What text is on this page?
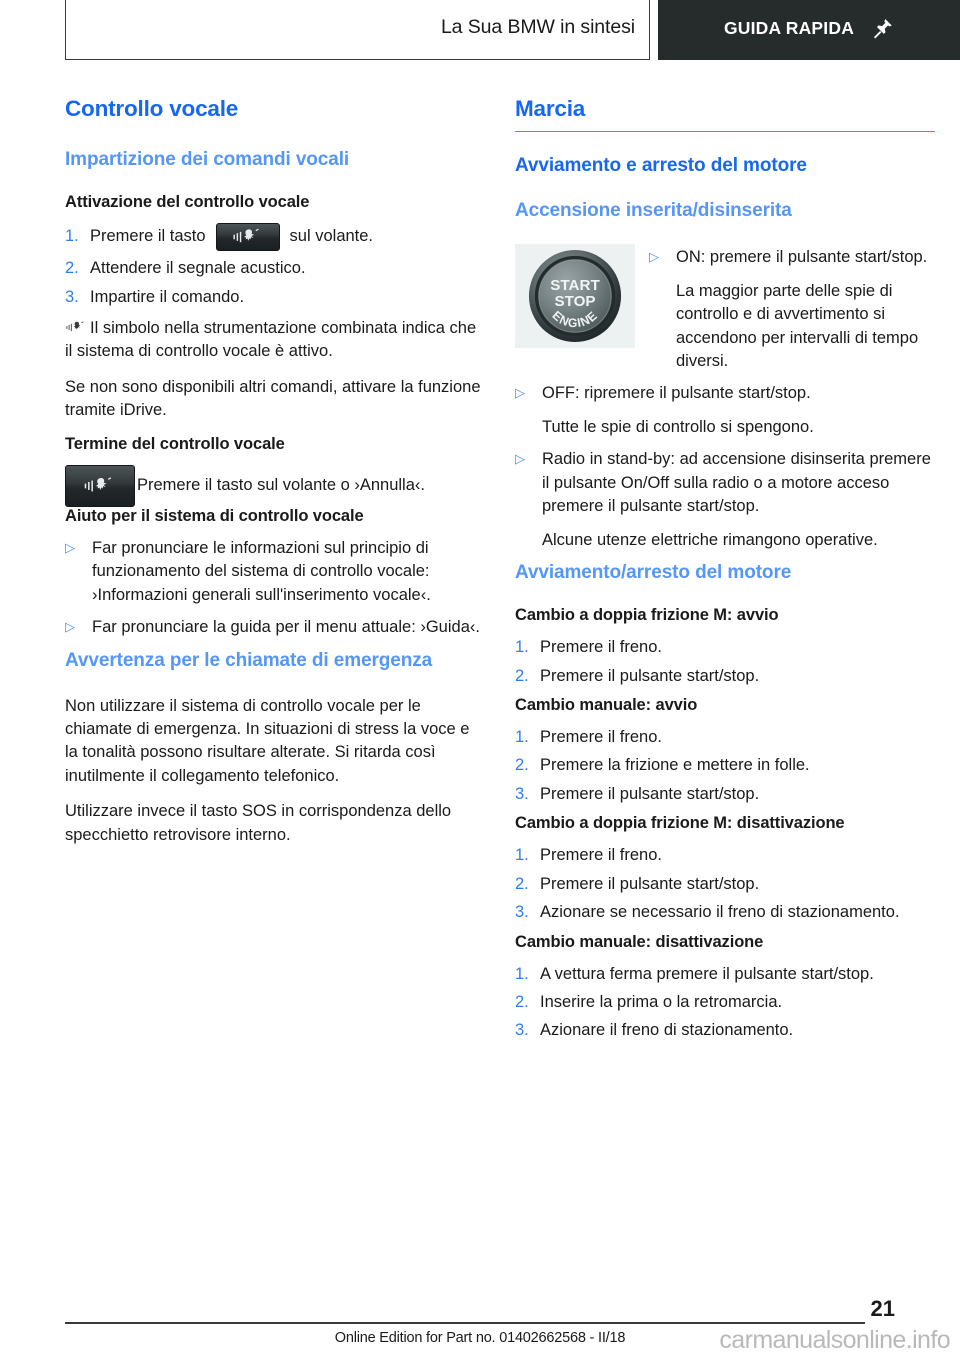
La Sua BMW in sintesi	GUIDA RAPIDA
Controllo vocale
Impartizione dei comandi vocali
Attivazione del controllo vocale
1. Premere il tasto	sul volante.
2. Attendere il segnale acustico.
3. Impartire il comando.

Il simbolo nella strumentazione combinata indica che il sistema di controllo vocale è attivo.

Se non sono disponibili altri comandi, attivare la funzione tramite iDrive.

Termine del controllo vocale
Premere il tasto sul volante o ›Annulla‹.
Aiuto per il sistema di controllo vocale
▷	Far pronunciare le informazioni sul principio di funzionamento del sistema di controllo vocale: ›Informazioni generali sull'inserimento vocale‹.
▷	Far pronunciare la guida per il menu attuale: ›Guida‹.
Avvertenza per le chiamate di emergenza

Non utilizzare il sistema di controllo vocale per le chiamate di emergenza. In situazioni di stress la voce e la tonalità possono risultare alterate. Si ritarda così inutilmente il collegamento telefonico.

Utilizzare invece il tasto SOS in corrispondenza dello specchietto retrovisore interno.

Marcia
Avviamento e arresto del motore
Accensione inserita/disinserita
START
STOP
ENGINE
▷	ON: premere il pulsante start/stop.
La maggior parte delle spie di controllo e di avvertimento si accendono per intervalli di tempo diversi.
▷	OFF: ripremere il pulsante start/stop.
Tutte le spie di controllo si spengono.
▷	Radio in stand-by: ad accensione disinserita premere il pulsante On/Off sulla radio o a motore acceso premere il pulsante start/stop.
Alcune utenze elettriche rimangono operative.
Avviamento/arresto del motore
Cambio a doppia frizione M: avvio
1. Premere il freno.
2. Premere il pulsante start/stop.
Cambio manuale: avvio
1. Premere il freno.
2. Premere la frizione e mettere in folle.
3. Premere il pulsante start/stop.
Cambio a doppia frizione M: disattivazione
1. Premere il freno.
2. Premere il pulsante start/stop.
3. Azionare se necessario il freno di stazionamento.
Cambio manuale: disattivazione
1. A vettura ferma premere il pulsante start/stop.
2. Inserire la prima o la retromarcia.
3. Azionare il freno di stazionamento.
21
Online Edition for Part no. 01402662568 - II/18	carmanualsonline.info
